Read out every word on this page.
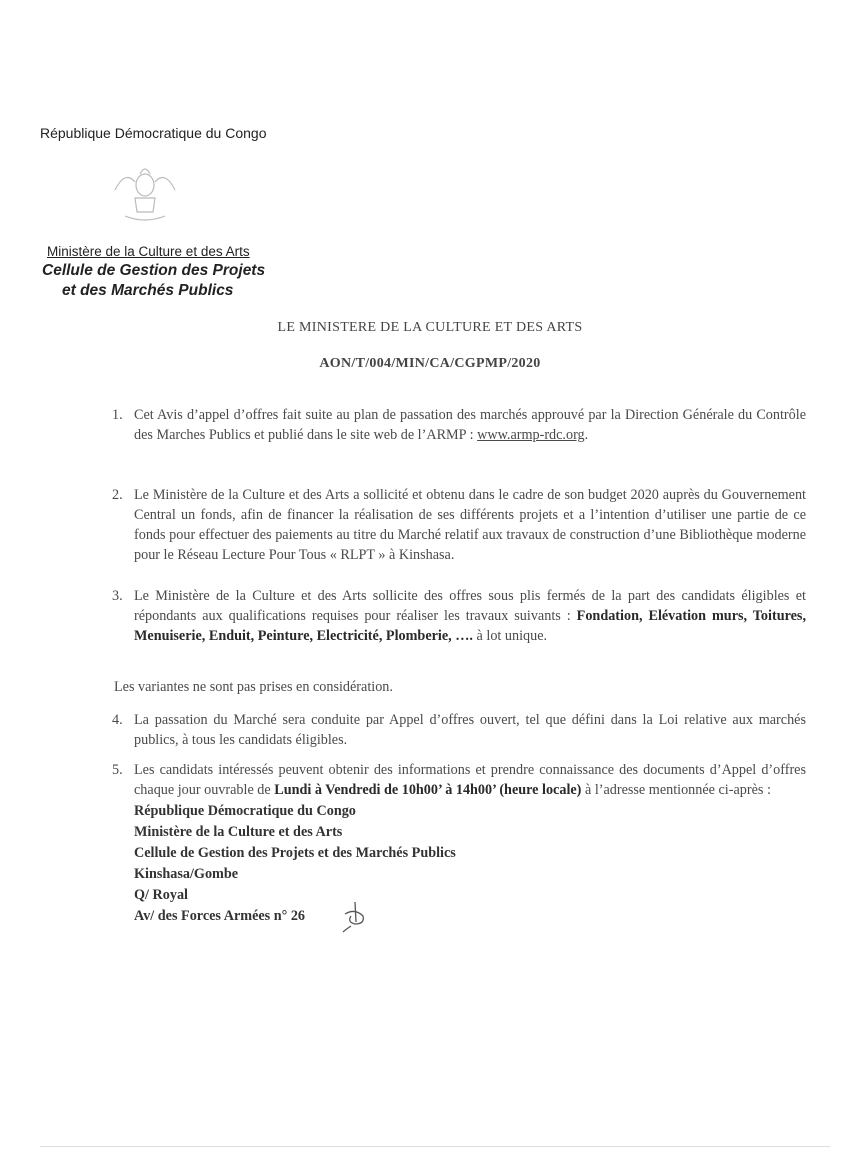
République Démocratique du Congo
Ministère de la Culture et des Arts
Cellule de Gestion des Projets
et des Marchés Publics
LE MINISTERE DE LA CULTURE ET DES ARTS
AON/T/004/MIN/CA/CGPMP/2020
1. Cet Avis d’appel d’offres fait suite au plan de passation des marchés approuvé par la Direction Générale du Contrôle des Marches Publics et publié dans le site web de l’ARMP : www.armp-rdc.org.
2. Le Ministère de la Culture et des Arts a sollicité et obtenu dans le cadre de son budget 2020 auprès du Gouvernement Central un fonds, afin de financer la réalisation de ses différents projets et a l’intention d’utiliser une partie de ce fonds pour effectuer des paiements au titre du Marché relatif aux travaux de construction d’une Bibliothèque moderne pour le Réseau Lecture Pour Tous « RLPT » à Kinshasa.
3. Le Ministère de la Culture et des Arts sollicite des offres sous plis fermés de la part des candidats éligibles et répondants aux qualifications requises pour réaliser les travaux suivants : Fondation, Elévation murs, Toitures, Menuiserie, Enduit, Peinture, Electricité, Plomberie, …. à lot unique.
Les variantes ne sont pas prises en considération.
4. La passation du Marché sera conduite par Appel d’offres ouvert, tel que défini dans la Loi relative aux marchés publics, à tous les candidats éligibles.
5. Les candidats intéressés peuvent obtenir des informations et prendre connaissance des documents d’Appel d’offres chaque jour ouvrable de Lundi à Vendredi de 10h00’ à 14h00’ (heure locale) à l’adresse mentionnée ci-après :
République Démocratique du Congo
Ministère de la Culture et des Arts
Cellule de Gestion des Projets et des Marchés Publics
Kinshasa/Gombe
Q/ Royal
Av/ des Forces Armées n° 26
